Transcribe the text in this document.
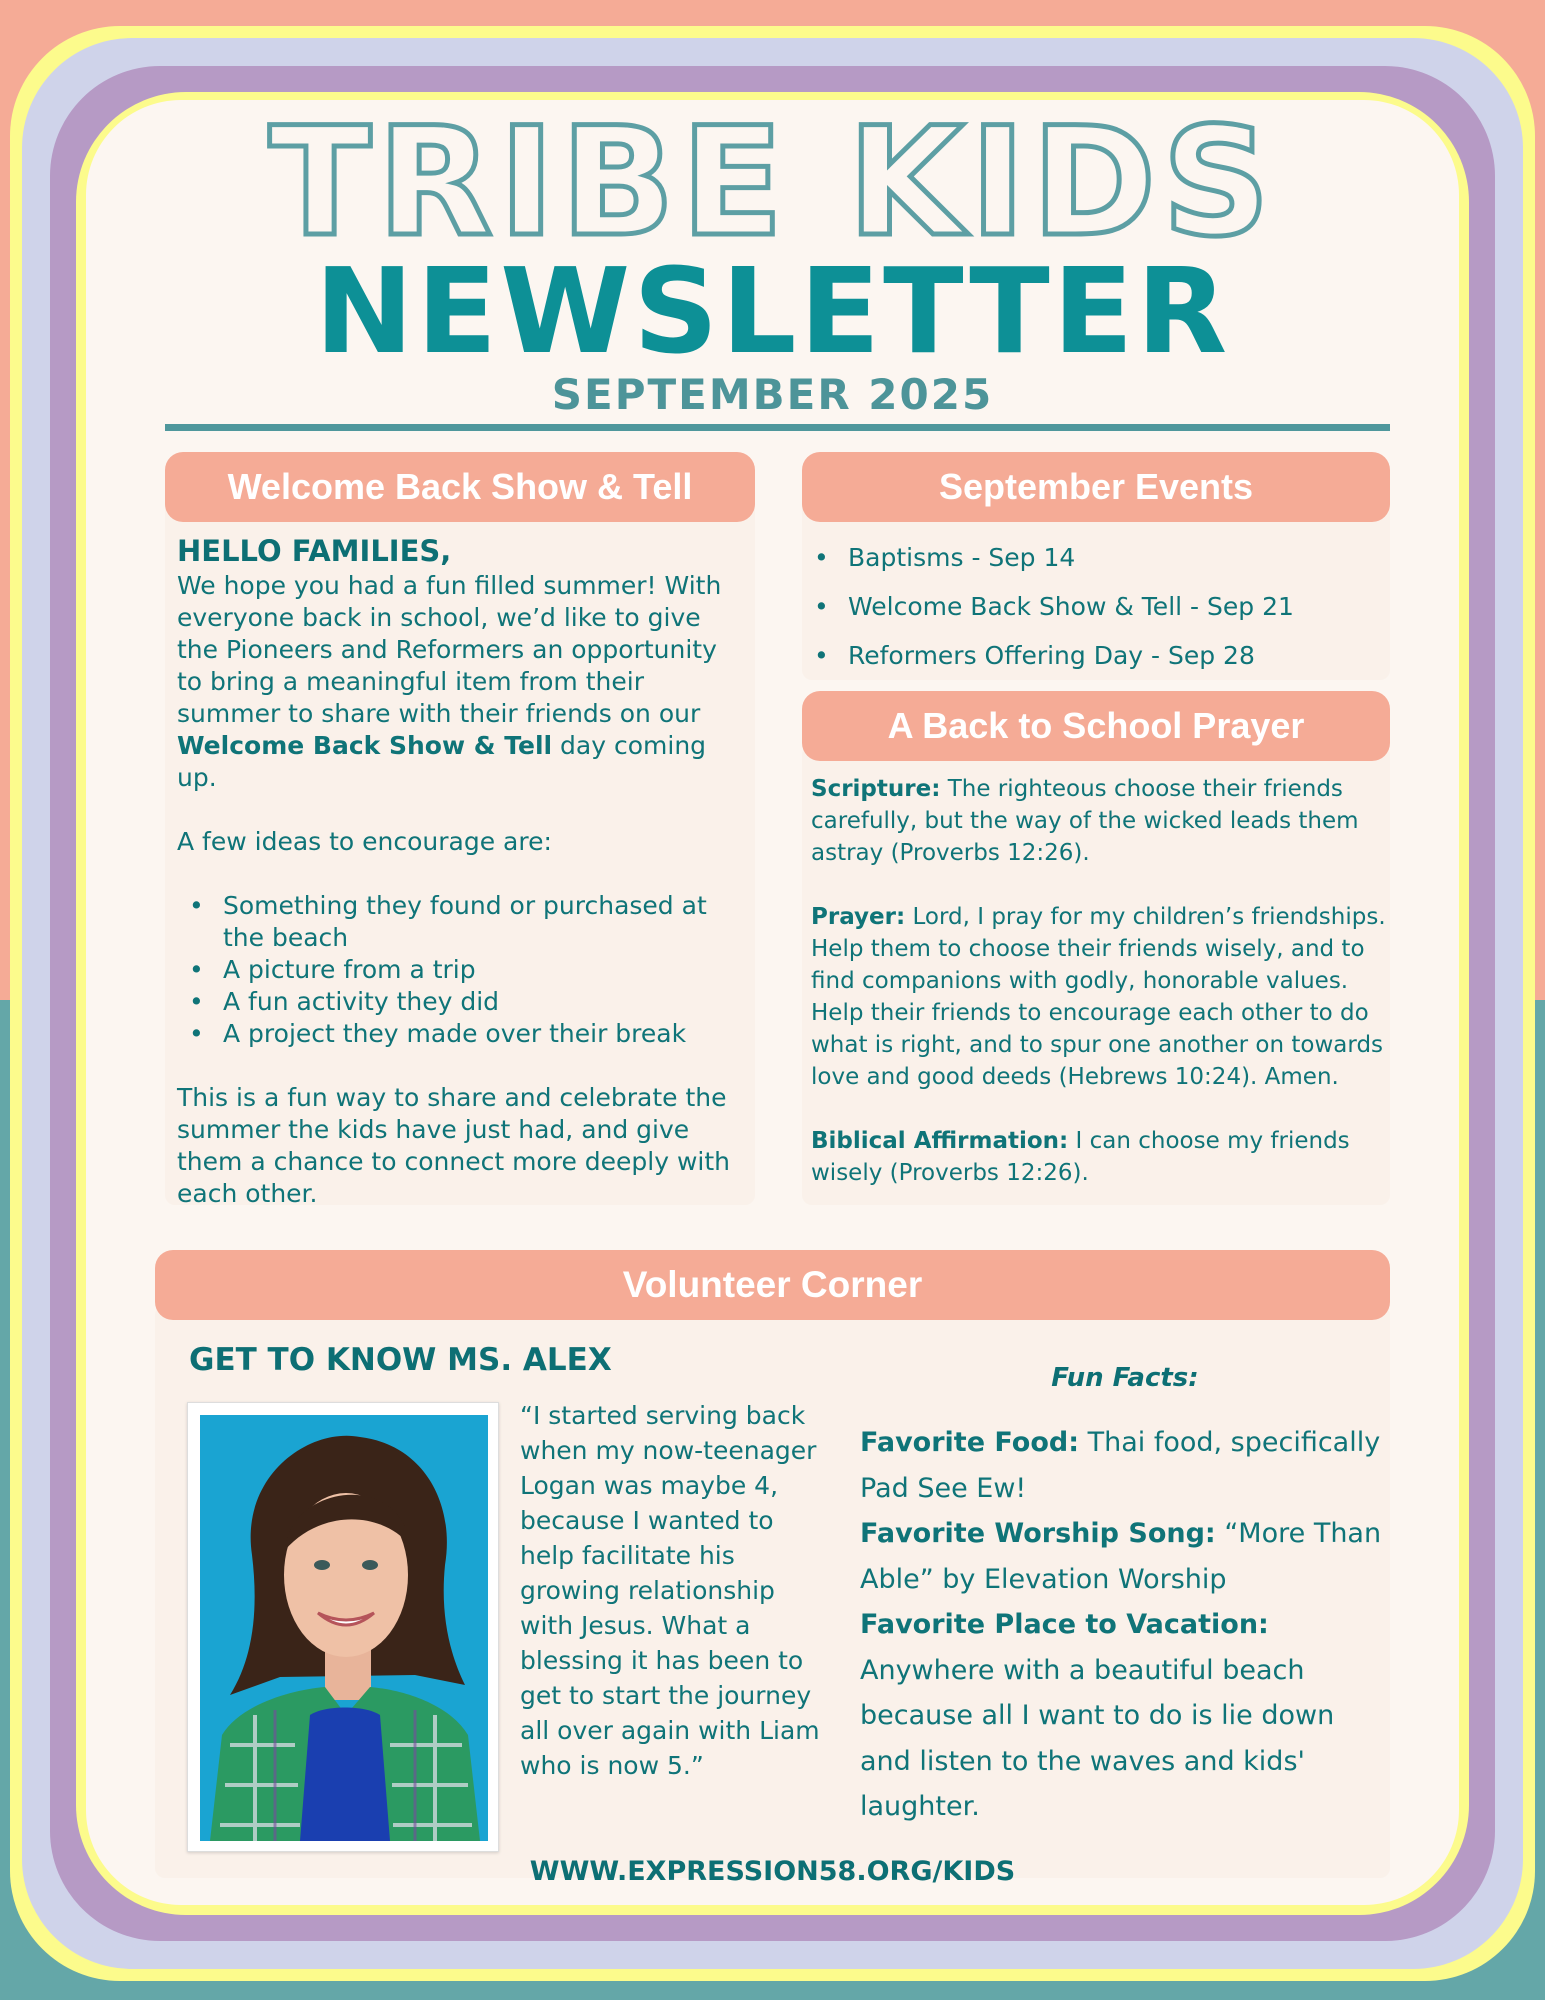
TRIBE KIDS
NEWSLETTER
SEPTEMBER 2025
Welcome Back Show & Tell
HELLO FAMILIES,

We hope you had a fun filled summer! With everyone back in school, we’d like to give the Pioneers and Reformers an opportunity to bring a meaningful item from their summer to share with their friends on our Welcome Back Show & Tell day coming up.

A few ideas to encourage are:

• Something they found or purchased at the beach
• A picture from a trip
• A fun activity they did
• A project they made over their break

This is a fun way to share and celebrate the summer the kids have just had, and give them a chance to connect more deeply with each other.

September Events
• Baptisms - Sep 14
• Welcome Back Show & Tell - Sep 21
• Reformers Offering Day - Sep 28
A Back to School Prayer

Scripture: The righteous choose their friends carefully, but the way of the wicked leads them astray (Proverbs 12:26).

Prayer: Lord, I pray for my children’s friendships. Help them to choose their friends wisely, and to find companions with godly, honorable values. Help their friends to encourage each other to do what is right, and to spur one another on towards love and good deeds (Hebrews 10:24). Amen.

Biblical Affirmation: I can choose my friends wisely (Proverbs 12:26).

Volunteer Corner
GET TO KNOW MS. ALEX

“I started serving back when my now-teenager Logan was maybe 4, because I wanted to help facilitate his growing relationship with Jesus. What a blessing it has been to get to start the journey all over again with Liam who is now 5.”

Fun Facts:

Favorite Food: Thai food, specifically Pad See Ew!

Favorite Worship Song: “More Than Able” by Elevation Worship

Favorite Place to Vacation: Anywhere with a beautiful beach because all I want to do is lie down and listen to the waves and kids' laughter.

WWW.EXPRESSION58.ORG/KIDS
